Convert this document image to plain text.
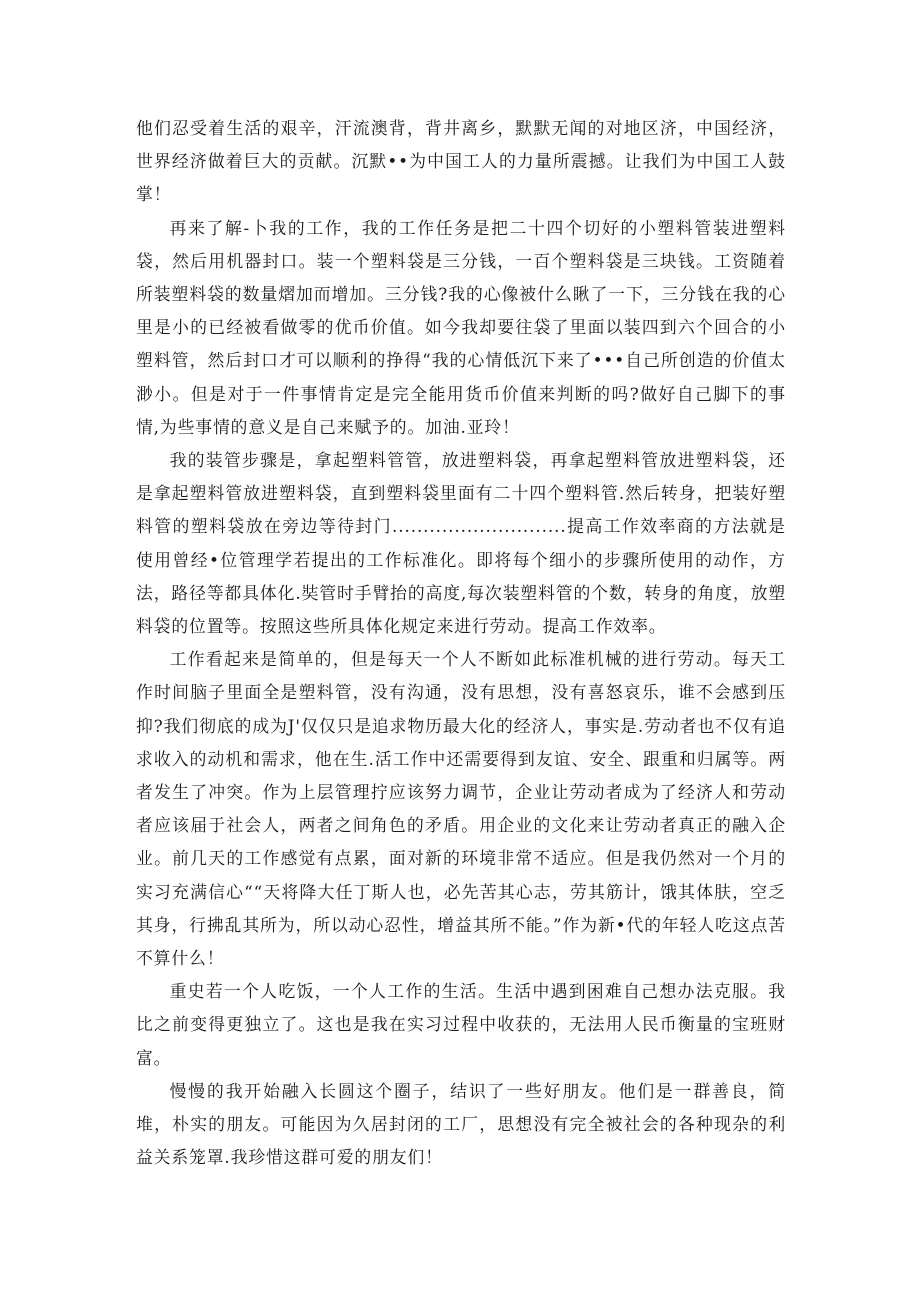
他们忍受着生活的艰辛，汗流澳背，背井离乡，默默无闻的对地区济，中国经济，世界经济做着巨大的贡献。沉默••为中国工人的力量所震撼。让我们为中国工人鼓掌！

再来了解-卜我的工作，我的工作任务是把二十四个切好的小塑料管装进塑料袋，然后用机器封口。装一个塑料袋是三分钱，一百个塑料袋是三块钱。工资随着所装塑料袋的数量熠加而增加。三分钱?我的心像被什么瞅了一下，三分钱在我的心里是小的已经被看做零的优币价值。如今我却要往袋了里面以装四到六个回合的小塑料管，然后封口才可以顺利的挣得“我的心情低沉下来了•••自己所创造的价值太渺小。但是对于一件事情肯定是完全能用货币价值来判断的吗?做好自己脚下的事情,为些事情的意义是自己来赋予的。加油.亚玲！

我的装管步骤是，拿起塑料管管，放进塑料袋，再拿起塑料管放进塑料袋，还是拿起塑料管放进塑料袋，直到塑料袋里面有二十四个塑料管.然后转身，把装好塑料管的塑料袋放在旁边等待封门............................提高工作效率商的方法就是使用曾经•位管理学若提出的工作标准化。即将每个细小的步骤所使用的动作，方法，路径等都具体化.奘管时手臂抬的高度,每次装塑料管的个数，转身的角度，放塑料袋的位置等。按照这些所具体化规定来进行劳动。提高工作效率。

工作看起来是简单的，但是每天一个人不断如此标准机械的进行劳动。每天工作时间脑子里面全是塑料管，没有沟通，没有思想，没有喜怒哀乐，谁不会感到压抑?我们彻底的成为J'仅仅只是追求物历最大化的经济人，事实是.劳动者也不仅有追求收入的动机和需求，他在生.活工作中还需要得到友谊、安全、跟重和归属等。两者发生了冲突。作为上层管理拧应该努力调节，企业让劳动者成为了经济人和劳动者应该届于社会人，两者之间角色的矛盾。用企业的文化来让劳动者真正的融入企业。前几天的工作感觉有点累，面对新的环境非常不适应。但是我仍然对一个月的实习充满信心““天将降大任丁斯人也，必先苦其心志，劳其筋计，饿其体肤，空乏其身，行拂乱其所为，所以动心忍性，增益其所不能。”作为新•代的年轻人吃这点苦不算什么！

重史若一个人吃饭，一个人工作的生活。生活中遇到困难自己想办法克服。我比之前变得更独立了。这也是我在实习过程中收获的，无法用人民币衡量的宝班财富。

慢慢的我开始融入长圆这个圈子，结识了一些好朋友。他们是一群善良，简堆，朴实的朋友。可能因为久居封闭的工厂，思想没有完全被社会的各种现杂的利益关系笼罩.我珍惜这群可爱的朋友们！
